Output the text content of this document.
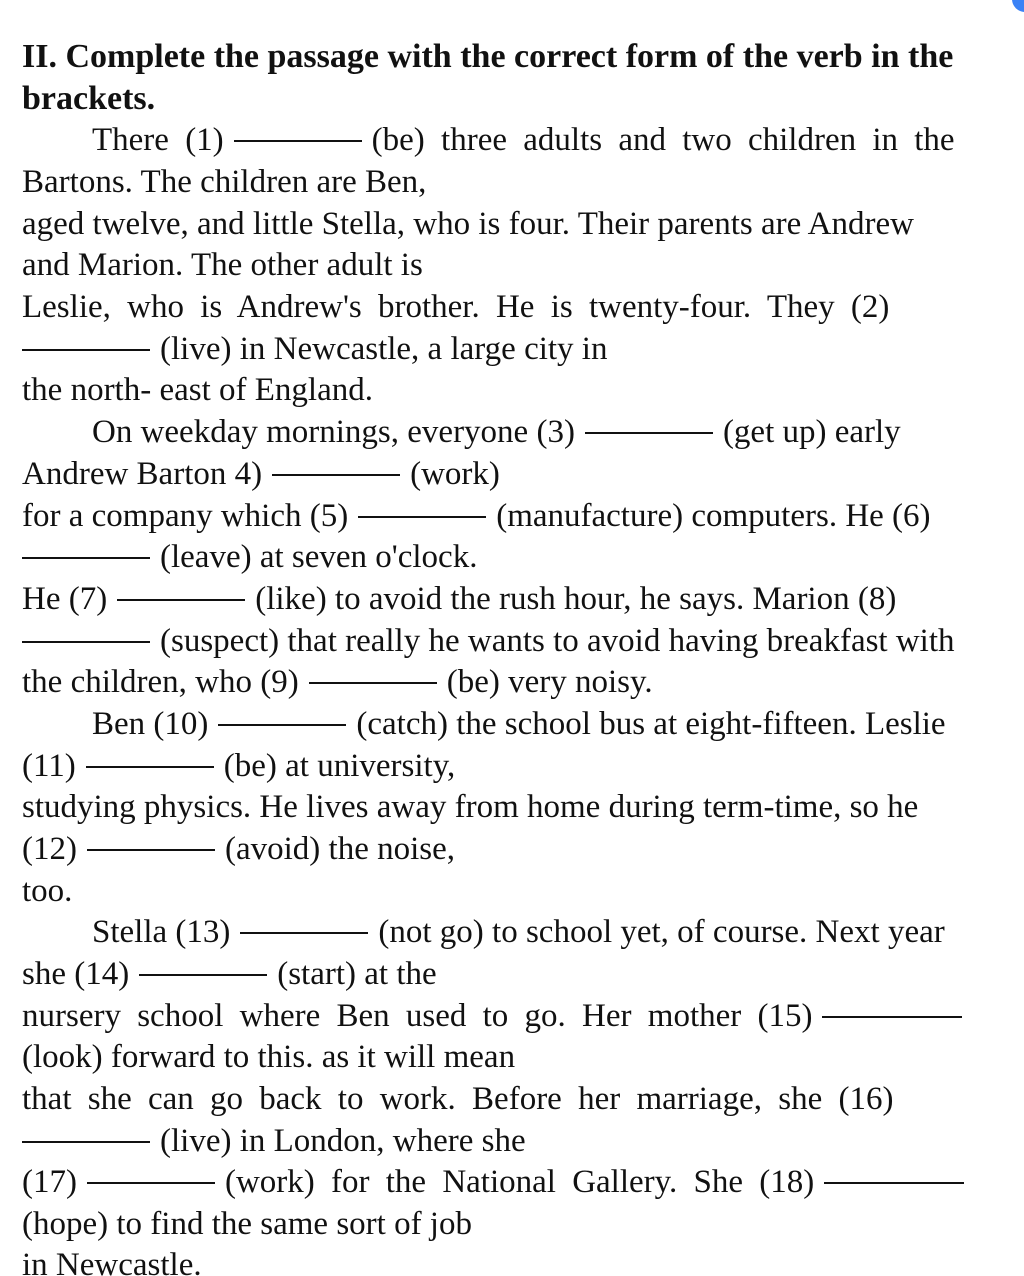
II. Complete the passage with the correct form of the verb in the
brackets.
There (1)	(be) three adults and two children in the
Bartons. The children are Ben,
aged twelve, and little Stella, who is four. Their parents are Andrew
and Marion. The other adult is
Leslie, who is Andrew's brother. He is twenty-four. They (2)
(live) in Newcastle, a large city in
the north- east of England.
On weekday mornings, everyone (3)	(get up) early
Andrew Barton 4)	(work)
for a company which (5)	(manufacture) computers. He (6)
(leave) at seven o'clock.
He (7)	(like) to avoid the rush hour, he says. Marion (8)
(suspect) that really he wants to avoid having breakfast with
the children, who (9)	(be) very noisy.
Ben (10)	(catch) the school bus at eight-fifteen. Leslie
(11)	(be) at university,
studying physics. He lives away from home during term-time, so he
(12)	(avoid) the noise,
too.
Stella (13)	(not go) to school yet, of course. Next year
she (14)	(start) at the
nursery school where Ben used to go. Her mother (15)
(look) forward to this. as it will mean
that she can go back to work. Before her marriage, she (16)
(live) in London, where she
(17)	(work) for the National Gallery. She (18)
(hope) to find the same sort of job
in Newcastle.
